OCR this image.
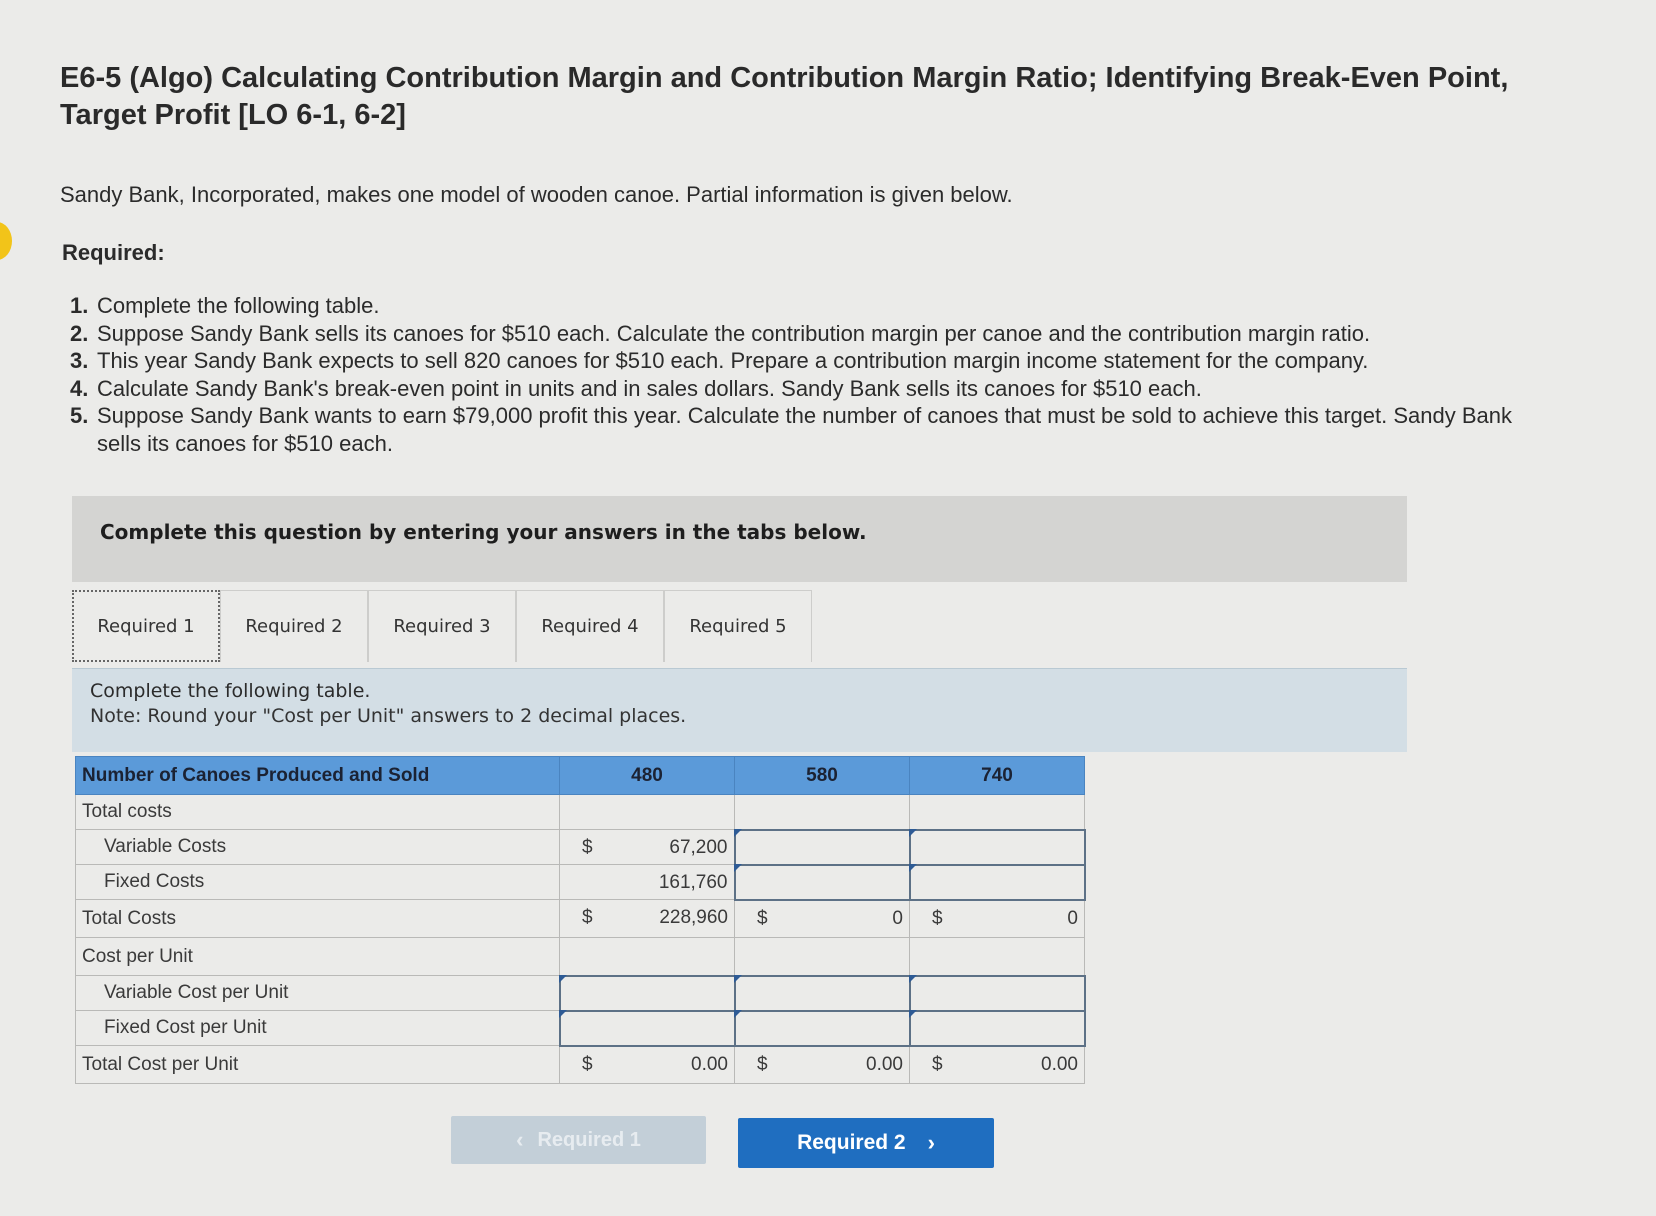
E6-5 (Algo) Calculating Contribution Margin and Contribution Margin Ratio; Identifying Break-Even Point, Target Profit [LO 6-1, 6-2]
Sandy Bank, Incorporated, makes one model of wooden canoe. Partial information is given below.
Required:
1. Complete the following table.
2. Suppose Sandy Bank sells its canoes for $510 each. Calculate the contribution margin per canoe and the contribution margin ratio.
3. This year Sandy Bank expects to sell 820 canoes for $510 each. Prepare a contribution margin income statement for the company.
4. Calculate Sandy Bank's break-even point in units and in sales dollars. Sandy Bank sells its canoes for $510 each.
5. Suppose Sandy Bank wants to earn $79,000 profit this year. Calculate the number of canoes that must be sold to achieve this target. Sandy Bank sells its canoes for $510 each.
Complete this question by entering your answers in the tabs below.
Required 1	Required 2	Required 3	Required 4	Required 5
Complete the following table.
Note: Round your "Cost per Unit" answers to 2 decimal places.
Number of Canoes Produced and Sold	480	580	740
Total costs			
Variable Costs	$ 67,200		

Fixed Costs	161,760		

Total Costs	$ 228,960	$ 0	$ 0

Cost per Unit			
Variable Cost per Unit	

Fixed Cost per Unit	

Total Cost per Unit	$ 0.00	$ 0.00	$ 0.00
‹ Required 1	Required 2 ›
